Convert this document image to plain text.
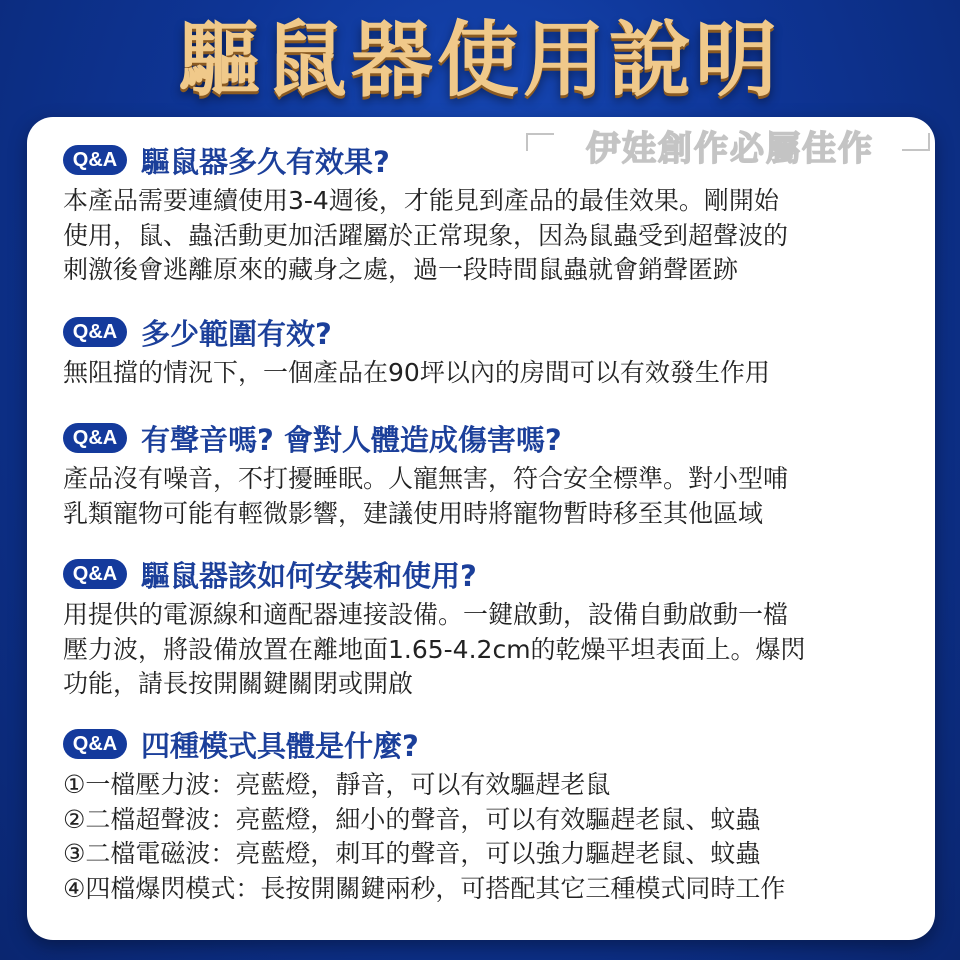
驅鼠器使用說明
伊娃創作必屬佳作
Q&A 驅鼠器多久有效果?
本產品需要連續使用3-4週後，才能見到產品的最佳效果。剛開始
使用，鼠、蟲活動更加活躍屬於正常現象，因為鼠蟲受到超聲波的
刺激後會逃離原來的藏身之處，過一段時間鼠蟲就會銷聲匿跡
Q&A 多少範圍有效?
無阻擋的情況下，一個產品在90坪以內的房間可以有效發生作用
Q&A 有聲音嗎? 會對人體造成傷害嗎?
產品沒有噪音，不打擾睡眠。人寵無害，符合安全標準。對小型哺
乳類寵物可能有輕微影響，建議使用時將寵物暫時移至其他區域
Q&A 驅鼠器該如何安裝和使用?
用提供的電源線和適配器連接設備。一鍵啟動，設備自動啟動一檔
壓力波，將設備放置在離地面1.65-4.2cm的乾燥平坦表面上。爆閃
功能，請長按開關鍵關閉或開啟
Q&A 四種模式具體是什麼?
①一檔壓力波：亮藍燈，靜音，可以有效驅趕老鼠
②二檔超聲波：亮藍燈，細小的聲音，可以有效驅趕老鼠、蚊蟲
③二檔電磁波：亮藍燈，刺耳的聲音，可以強力驅趕老鼠、蚊蟲
④四檔爆閃模式：長按開關鍵兩秒，可搭配其它三種模式同時工作
